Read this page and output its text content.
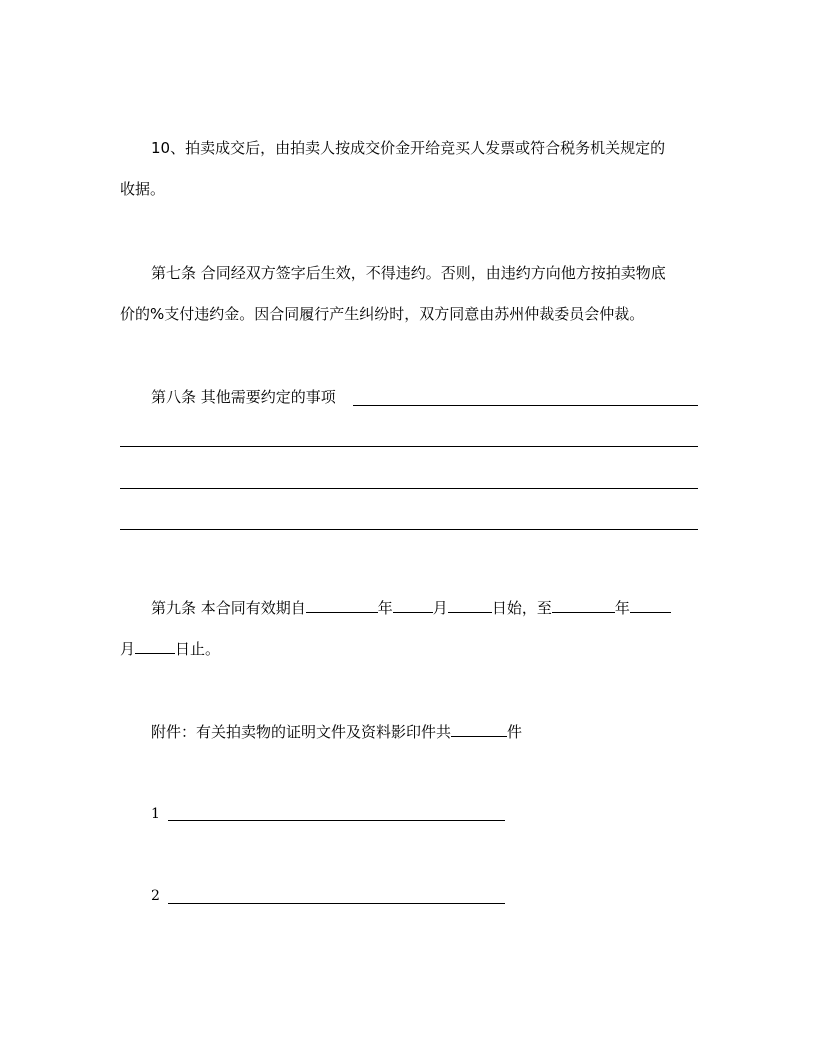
10、拍卖成交后，由拍卖人按成交价金开给竞买人发票或符合税务机关规定的
收据。
第七条 合同经双方签字后生效，不得违约。否则，由违约方向他方按拍卖物底
价的%支付违约金。因合同履行产生纠纷时，双方同意由苏州仲裁委员会仲裁。
第八条 其他需要约定的事项
第九条 本合同有效期自	年	月	日始，至	年
月	日止。
附件：有关拍卖物的证明文件及资料影印件共	件
1
2
